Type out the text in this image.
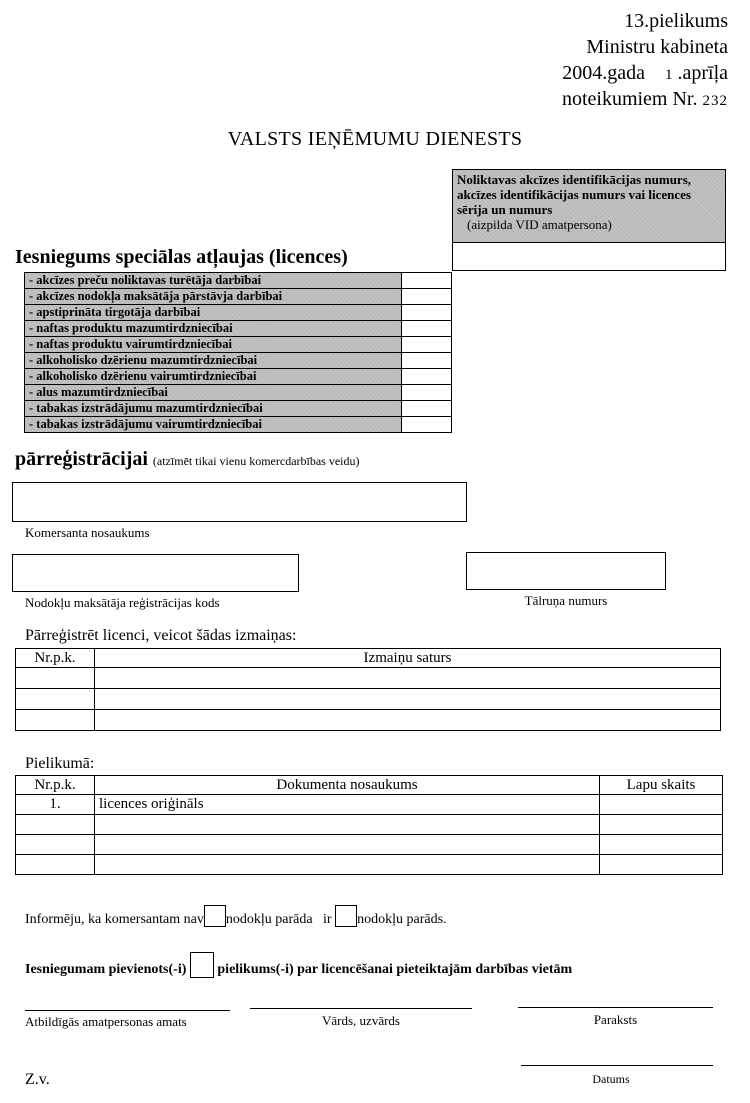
13.pielikums
Ministru kabineta
2004.gada 1 .aprīļa
noteikumiem Nr. 232
VALSTS IEŅĒMUMU DIENESTS
Noliktavas akcīzes identifikācijas numurs, akcīzes identifikācijas numurs vai licences sērija un numurs
(aizpilda VID amatpersona)
Iesniegums speciālas atļaujas (licences)
- akcīzes preču noliktavas turētāja darbībai	
- akcīzes nodokļa maksātāja pārstāvja darbībai	
- apstiprināta tirgotāja darbībai	
- naftas produktu mazumtirdzniecībai	
- naftas produktu vairumtirdzniecībai	
- alkoholisko dzērienu mazumtirdzniecībai	
- alkoholisko dzērienu vairumtirdzniecībai	
- alus mazumtirdzniecībai	
- tabakas izstrādājumu mazumtirdzniecībai	
- tabakas izstrādājumu vairumtirdzniecībai	
pārreģistrācijai (atzīmēt tikai vienu komercdarbības veidu)
Komersanta nosaukums
Nodokļu maksātāja reģistrācijas kods	Tālruņa numurs
Pārreģistrēt licenci, veicot šādas izmaiņas:
Nr.p.k.	Izmaiņu saturs

Pielikumā:
Nr.p.k.	Dokumenta nosaukums	Lapu skaits
1.	licences oriģināls	

Informēju, ka komersantam nav nodokļu parāda ir nodokļu parāds.
Iesniegumam pievienots(-i) pielikums(-i) par licencēšanai pieteiktajām darbības vietām
Atbildīgās amatpersonas amats	Vārds, uzvārds	Paraksts
Datums
Z.v.
